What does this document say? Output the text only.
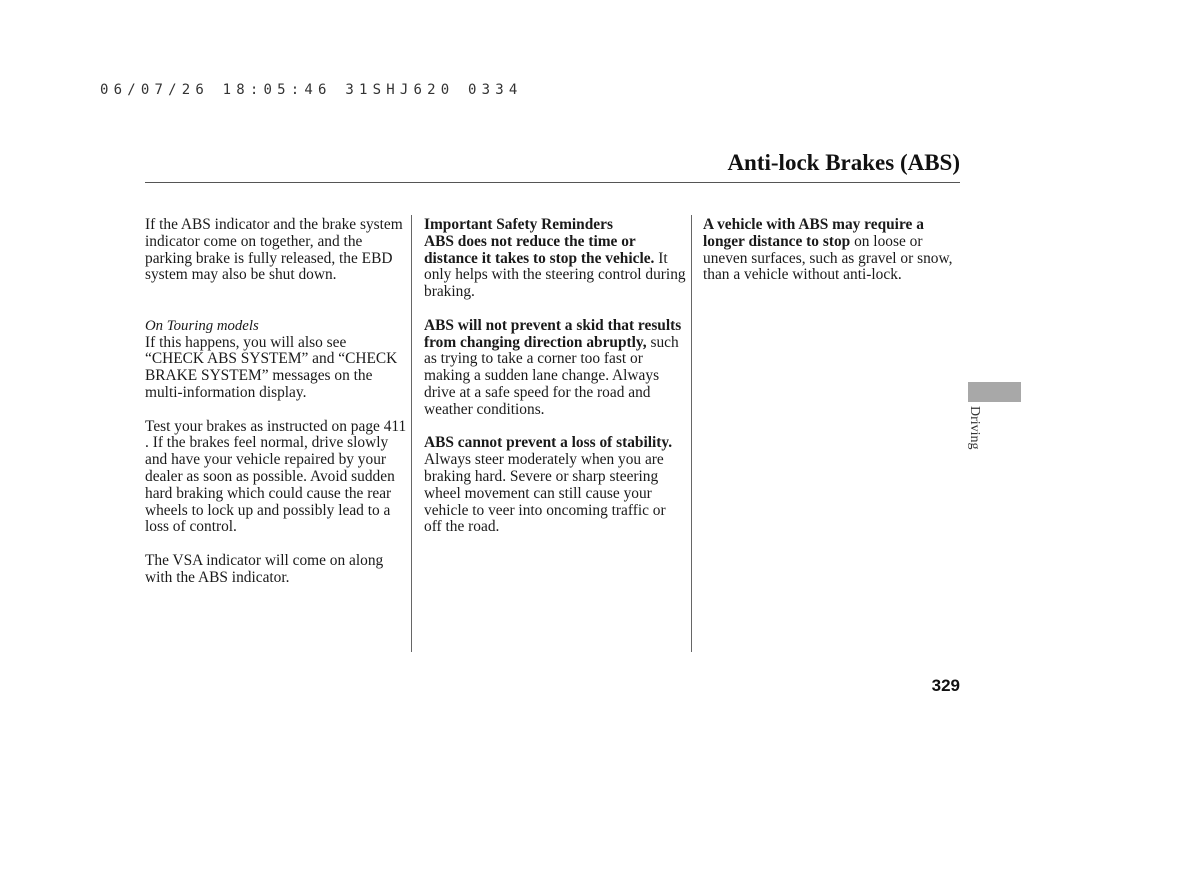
06/07/26 18:05:46 31SHJ620 0334
Anti-lock Brakes (ABS)

If the ABS indicator and the brake system indicator come on together, and the parking brake is fully released, the EBD system may also be shut down.

On Touring models

If this happens, you will also see “CHECK ABS SYSTEM” and “CHECK BRAKE SYSTEM” messages on the multi-information display.

Test your brakes as instructed on page 411 . If the brakes feel normal, drive slowly and have your vehicle repaired by your dealer as soon as possible. Avoid sudden hard braking which could cause the rear wheels to lock up and possibly lead to a loss of control.

The VSA indicator will come on along with the ABS indicator.

Important Safety Reminders
ABS does not reduce the time or distance it takes to stop the vehicle. It only helps with the steering control during braking.

ABS will not prevent a skid that results from changing direction abruptly, such as trying to take a corner too fast or making a sudden lane change. Always drive at a safe speed for the road and weather conditions.

ABS cannot prevent a loss of stability. Always steer moderately when you are braking hard. Severe or sharp steering wheel movement can still cause your vehicle to veer into oncoming traffic or off the road.

A vehicle with ABS may require a longer distance to stop on loose or uneven surfaces, such as gravel or snow, than a vehicle without anti-lock.

Driving
329
